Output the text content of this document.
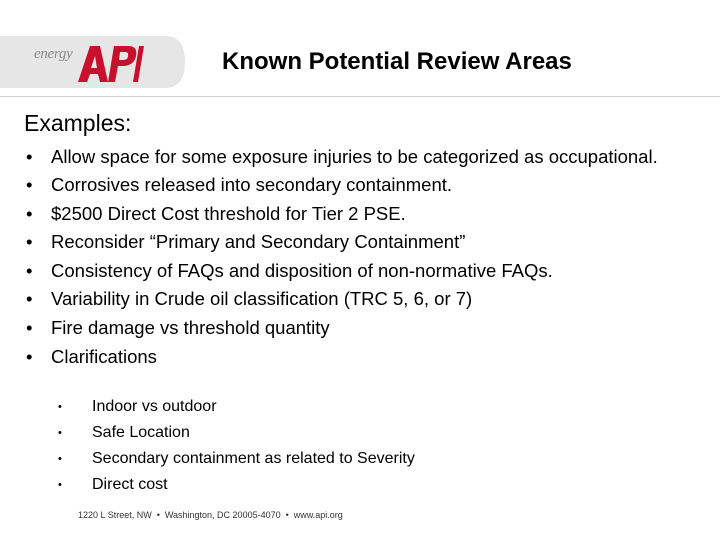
energy	Known Potential Review Areas
Examples:
• Allow space for some exposure injuries to be categorized as occupational.
• Corrosives released into secondary containment.
• $2500 Direct Cost threshold for Tier 2 PSE.
• Reconsider “Primary and Secondary Containment”
• Consistency of FAQs and disposition of non-normative FAQs.
• Variability in Crude oil classification (TRC 5, 6, or 7)
• Fire damage vs threshold quantity
• Clarifications
• Indoor vs outdoor
• Safe Location
• Secondary containment as related to Severity
• Direct cost
1220 L Street, NW • Washington, DC 20005-4070 • www.api.org
